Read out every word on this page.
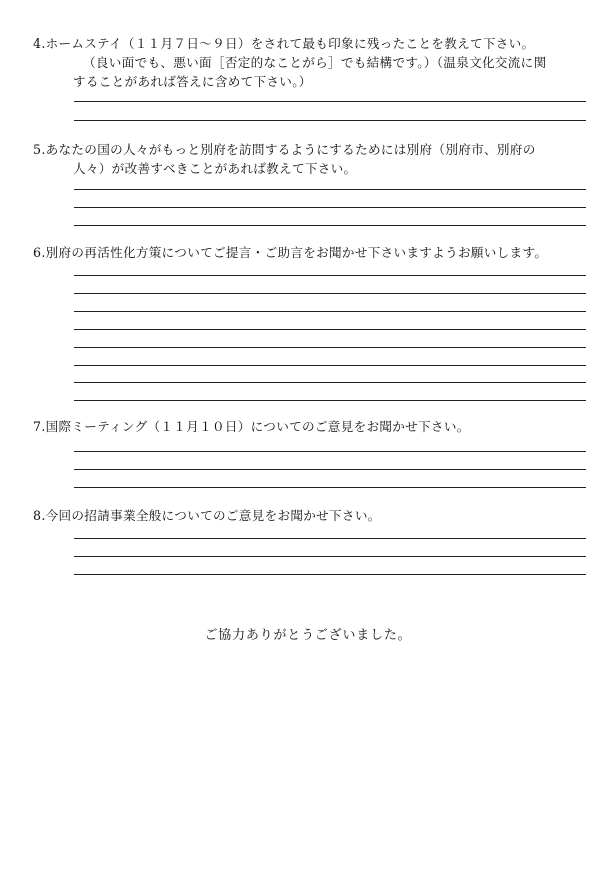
4.ホームステイ（１１月７日～９日）をされて最も印象に残ったことを教えて下さい。
（良い面でも、悪い面［否定的なことがら］でも結構です。）（温泉文化交流に関
することがあれば答えに含めて下さい。）
5.あなたの国の人々がもっと別府を訪問するようにするためには別府（別府市、別府の
人々）が改善すべきことがあれば教えて下さい。
6.別府の再活性化方策についてご提言・ご助言をお聞かせ下さいますようお願いします。
7.国際ミーティング（１１月１０日）についてのご意見をお聞かせ下さい。
8.今回の招請事業全般についてのご意見をお聞かせ下さい。
ご協力ありがとうございました。
